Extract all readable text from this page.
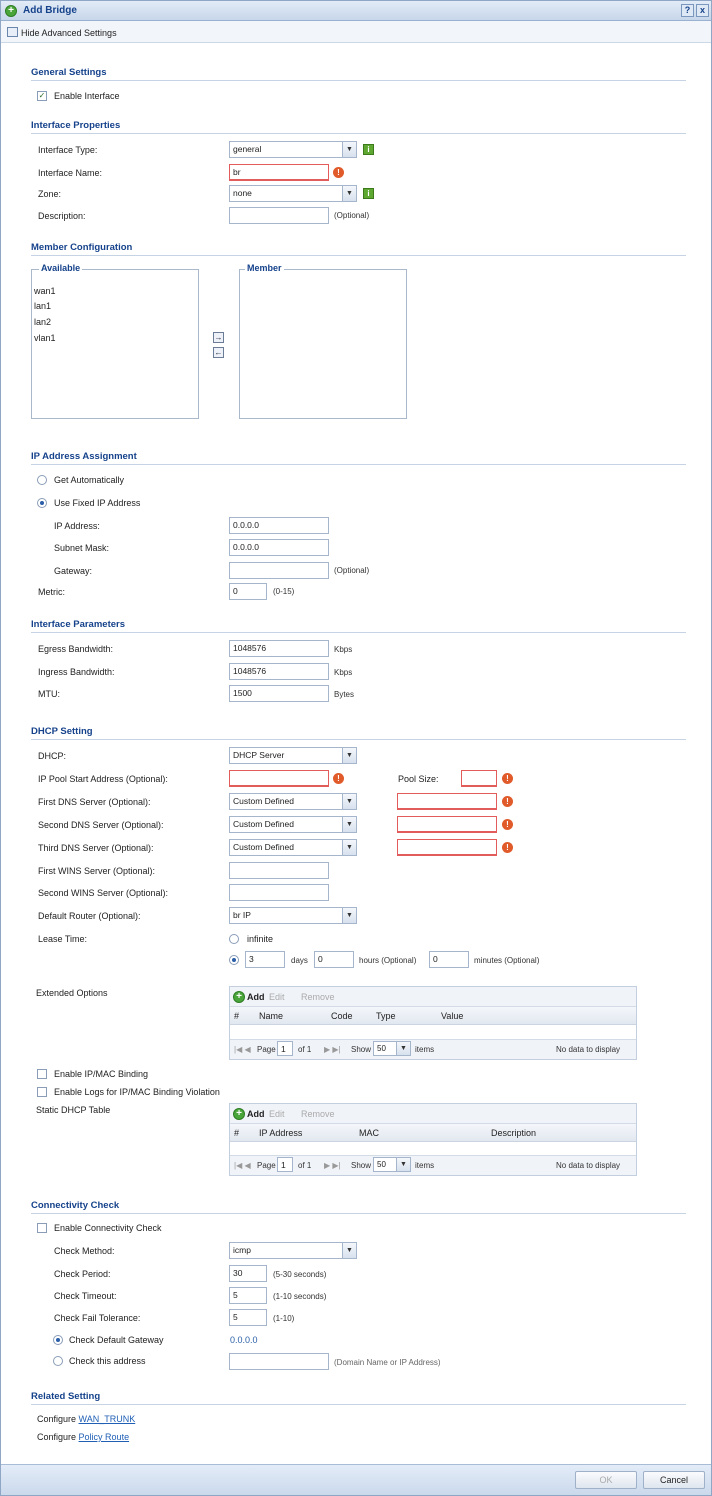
+ Add Bridge	?	x
Hide Advanced Settings
General Settings
✓ Enable Interface
Interface Properties
Interface Type:	general	▼	i
Interface Name:	br	!
Zone:	none	▼	i
Description:	(Optional)
Member Configuration
Available
wan1
lan1
lan2
vlan1	→
←
Member
IP Address Assignment
Get Automatically
Use Fixed IP Address
IP Address:	0.0.0.0
Subnet Mask:	0.0.0.0
Gateway:	(Optional)
Metric:	0	(0-15)
Interface Parameters
Egress Bandwidth:	1048576	Kbps
Ingress Bandwidth:	1048576	Kbps
MTU:	1500	Bytes
DHCP Setting
DHCP:	DHCP Server	▼
IP Pool Start Address (Optional):	!	Pool Size:	!
First DNS Server (Optional):	Custom Defined	▼	!
Second DNS Server (Optional):	Custom Defined	▼	!
Third DNS Server (Optional):	Custom Defined	▼	!
First WINS Server (Optional):
Second WINS Server (Optional):
Default Router (Optional):	br IP	▼
Lease Time:	infinite
3	days	0	hours (Optional)	0	minutes (Optional)
Extended Options	+ Add Edit Remove
# Name	Code	Type	Value
|◀ ◀ Page 1	of 1 ▶ ▶| Show 50	▼	items	No data to display
Enable IP/MAC Binding
Enable Logs for IP/MAC Binding Violation
Static DHCP Table	+ Add Edit Remove
# IP Address	MAC	Description
|◀ ◀ Page 1	of 1 ▶ ▶| Show 50	▼	items	No data to display
Connectivity Check
Enable Connectivity Check
Check Method:	icmp	▼
Check Period:	30	(5-30 seconds)
Check Timeout:	5	(1-10 seconds)
Check Fail Tolerance:	5	(1-10)
Check Default Gateway	0.0.0.0
Check this address	(Domain Name or IP Address)
Related Setting
Configure WAN_TRUNK
Configure Policy Route
OK	Cancel
